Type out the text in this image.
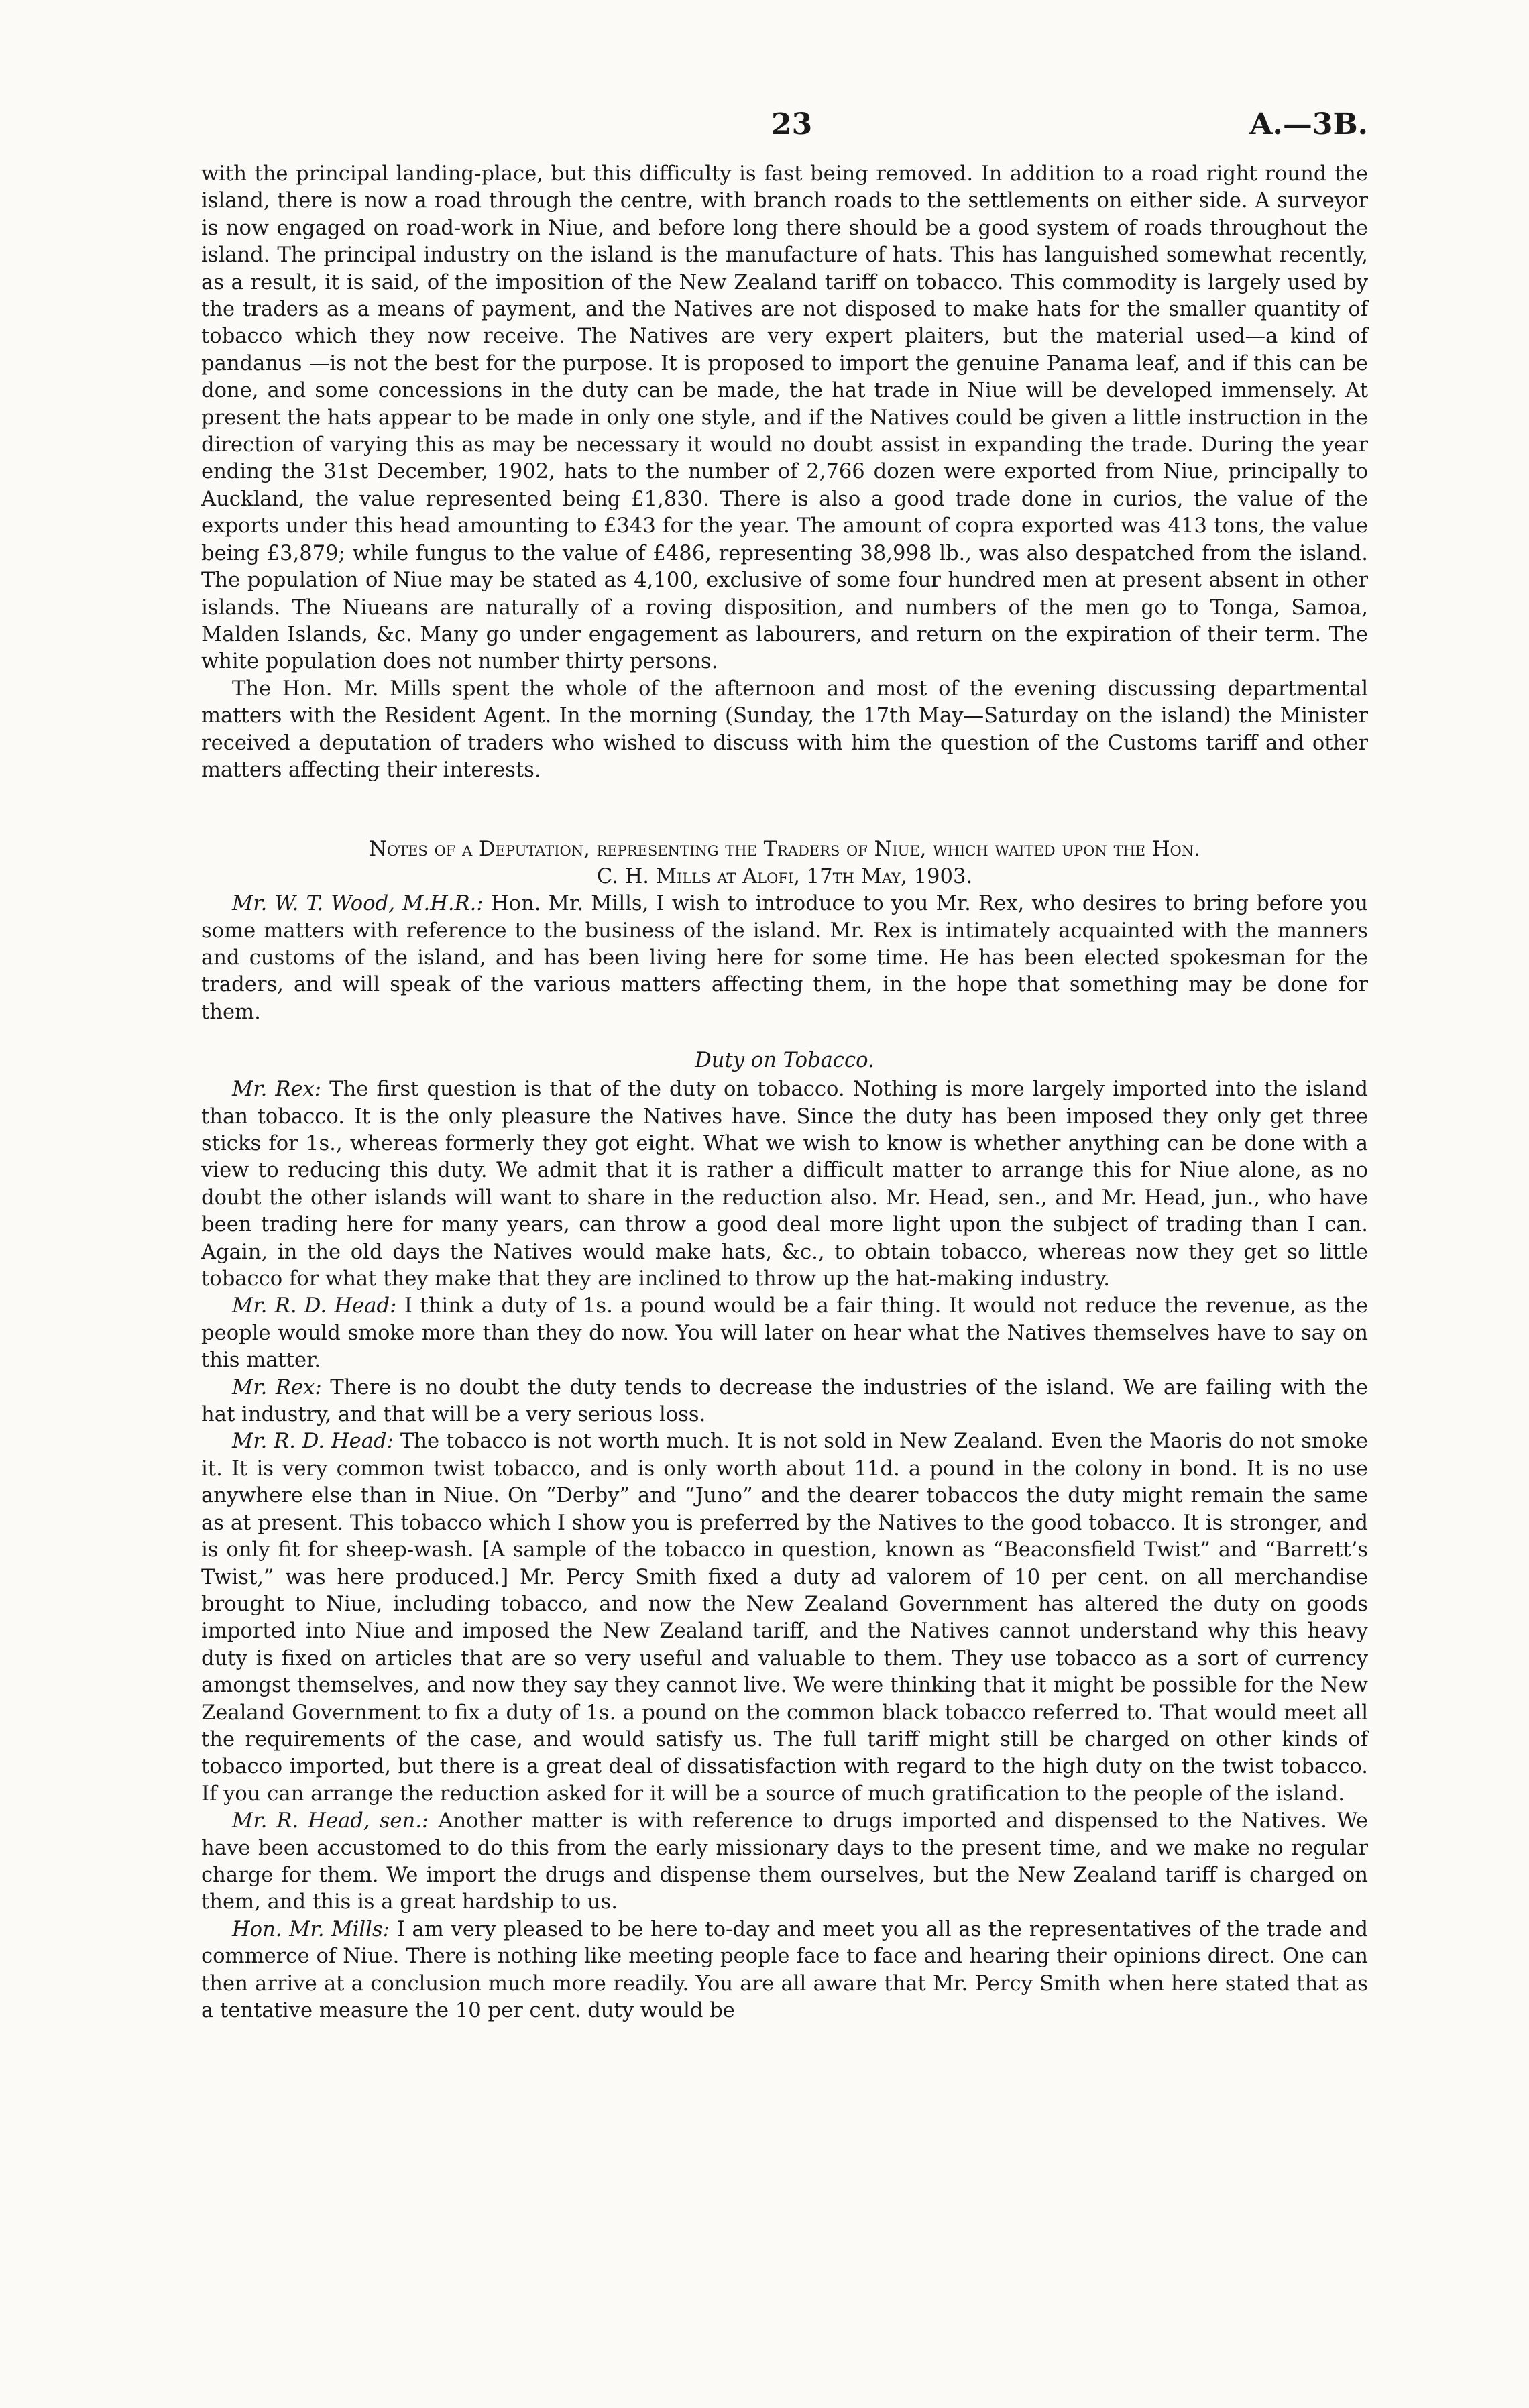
23	A.—3B.

with the principal landing-place, but this difficulty is fast being removed. In addition to a road right round the island, there is now a road through the centre, with branch roads to the settlements on either side. A surveyor is now engaged on road-work in Niue, and before long there should be a good system of roads throughout the island. The principal industry on the island is the manufacture of hats. This has languished somewhat recently, as a result, it is said, of the imposition of the New Zealand tariff on tobacco. This commodity is largely used by the traders as a means of payment, and the Natives are not disposed to make hats for the smaller quantity of tobacco which they now receive. The Natives are very expert plaiters, but the material used—a kind of pandanus —is not the best for the purpose. It is proposed to import the genuine Panama leaf, and if this can be done, and some concessions in the duty can be made, the hat trade in Niue will be developed immensely. At present the hats appear to be made in only one style, and if the Natives could be given a little instruction in the direction of varying this as may be necessary it would no doubt assist in expanding the trade. During the year ending the 31st December, 1902, hats to the number of 2,766 dozen were exported from Niue, principally to Auckland, the value represented being £1,830. There is also a good trade done in curios, the value of the exports under this head amounting to £343 for the year. The amount of copra exported was 413 tons, the value being £3,879; while fungus to the value of £486, representing 38,998 lb., was also despatched from the island. The population of Niue may be stated as 4,100, exclusive of some four hundred men at present absent in other islands. The Niueans are naturally of a roving disposition, and numbers of the men go to Tonga, Samoa, Malden Islands, &c. Many go under engagement as labourers, and return on the expiration of their term. The white population does not number thirty persons.

The Hon. Mr. Mills spent the whole of the afternoon and most of the evening discussing departmental matters with the Resident Agent. In the morning (Sunday, the 17th May—Saturday on the island) the Minister received a deputation of traders who wished to discuss with him the question of the Customs tariff and other matters affecting their interests.

Notes of a Deputation, representing the Traders of Niue, which waited upon the Hon.
C. H. Mills at Alofi, 17th May, 1903.

Mr. W. T. Wood, M.H.R.: Hon. Mr. Mills, I wish to introduce to you Mr. Rex, who desires to bring before you some matters with reference to the business of the island. Mr. Rex is intimately acquainted with the manners and customs of the island, and has been living here for some time. He has been elected spokesman for the traders, and will speak of the various matters affecting them, in the hope that something may be done for them.

Duty on Tobacco.

Mr. Rex: The first question is that of the duty on tobacco. Nothing is more largely imported into the island than tobacco. It is the only pleasure the Natives have. Since the duty has been imposed they only get three sticks for 1s., whereas formerly they got eight. What we wish to know is whether anything can be done with a view to reducing this duty. We admit that it is rather a difficult matter to arrange this for Niue alone, as no doubt the other islands will want to share in the reduction also. Mr. Head, sen., and Mr. Head, jun., who have been trading here for many years, can throw a good deal more light upon the subject of trading than I can. Again, in the old days the Natives would make hats, &c., to obtain tobacco, whereas now they get so little tobacco for what they make that they are inclined to throw up the hat-making industry.

Mr. R. D. Head: I think a duty of 1s. a pound would be a fair thing. It would not reduce the revenue, as the people would smoke more than they do now. You will later on hear what the Natives themselves have to say on this matter.

Mr. Rex: There is no doubt the duty tends to decrease the industries of the island. We are failing with the hat industry, and that will be a very serious loss.

Mr. R. D. Head: The tobacco is not worth much. It is not sold in New Zealand. Even the Maoris do not smoke it. It is very common twist tobacco, and is only worth about 11d. a pound in the colony in bond. It is no use anywhere else than in Niue. On “Derby” and “Juno” and the dearer tobaccos the duty might remain the same as at present. This tobacco which I show you is preferred by the Natives to the good tobacco. It is stronger, and is only fit for sheep-wash. [A sample of the tobacco in question, known as “Beaconsfield Twist” and “Barrett’s Twist,” was here produced.] Mr. Percy Smith fixed a duty ad valorem of 10 per cent. on all merchandise brought to Niue, including tobacco, and now the New Zealand Government has altered the duty on goods imported into Niue and imposed the New Zealand tariff, and the Natives cannot understand why this heavy duty is fixed on articles that are so very useful and valuable to them. They use tobacco as a sort of currency amongst themselves, and now they say they cannot live. We were thinking that it might be possible for the New Zealand Government to fix a duty of 1s. a pound on the common black tobacco referred to. That would meet all the requirements of the case, and would satisfy us. The full tariff might still be charged on other kinds of tobacco imported, but there is a great deal of dissatisfaction with regard to the high duty on the twist tobacco. If you can arrange the reduction asked for it will be a source of much gratification to the people of the island.

Mr. R. Head, sen.: Another matter is with reference to drugs imported and dispensed to the Natives. We have been accustomed to do this from the early missionary days to the present time, and we make no regular charge for them. We import the drugs and dispense them ourselves, but the New Zealand tariff is charged on them, and this is a great hardship to us.

Hon. Mr. Mills: I am very pleased to be here to-day and meet you all as the representatives of the trade and commerce of Niue. There is nothing like meeting people face to face and hearing their opinions direct. One can then arrive at a conclusion much more readily. You are all aware that Mr. Percy Smith when here stated that as a tentative measure the 10 per cent. duty would be
